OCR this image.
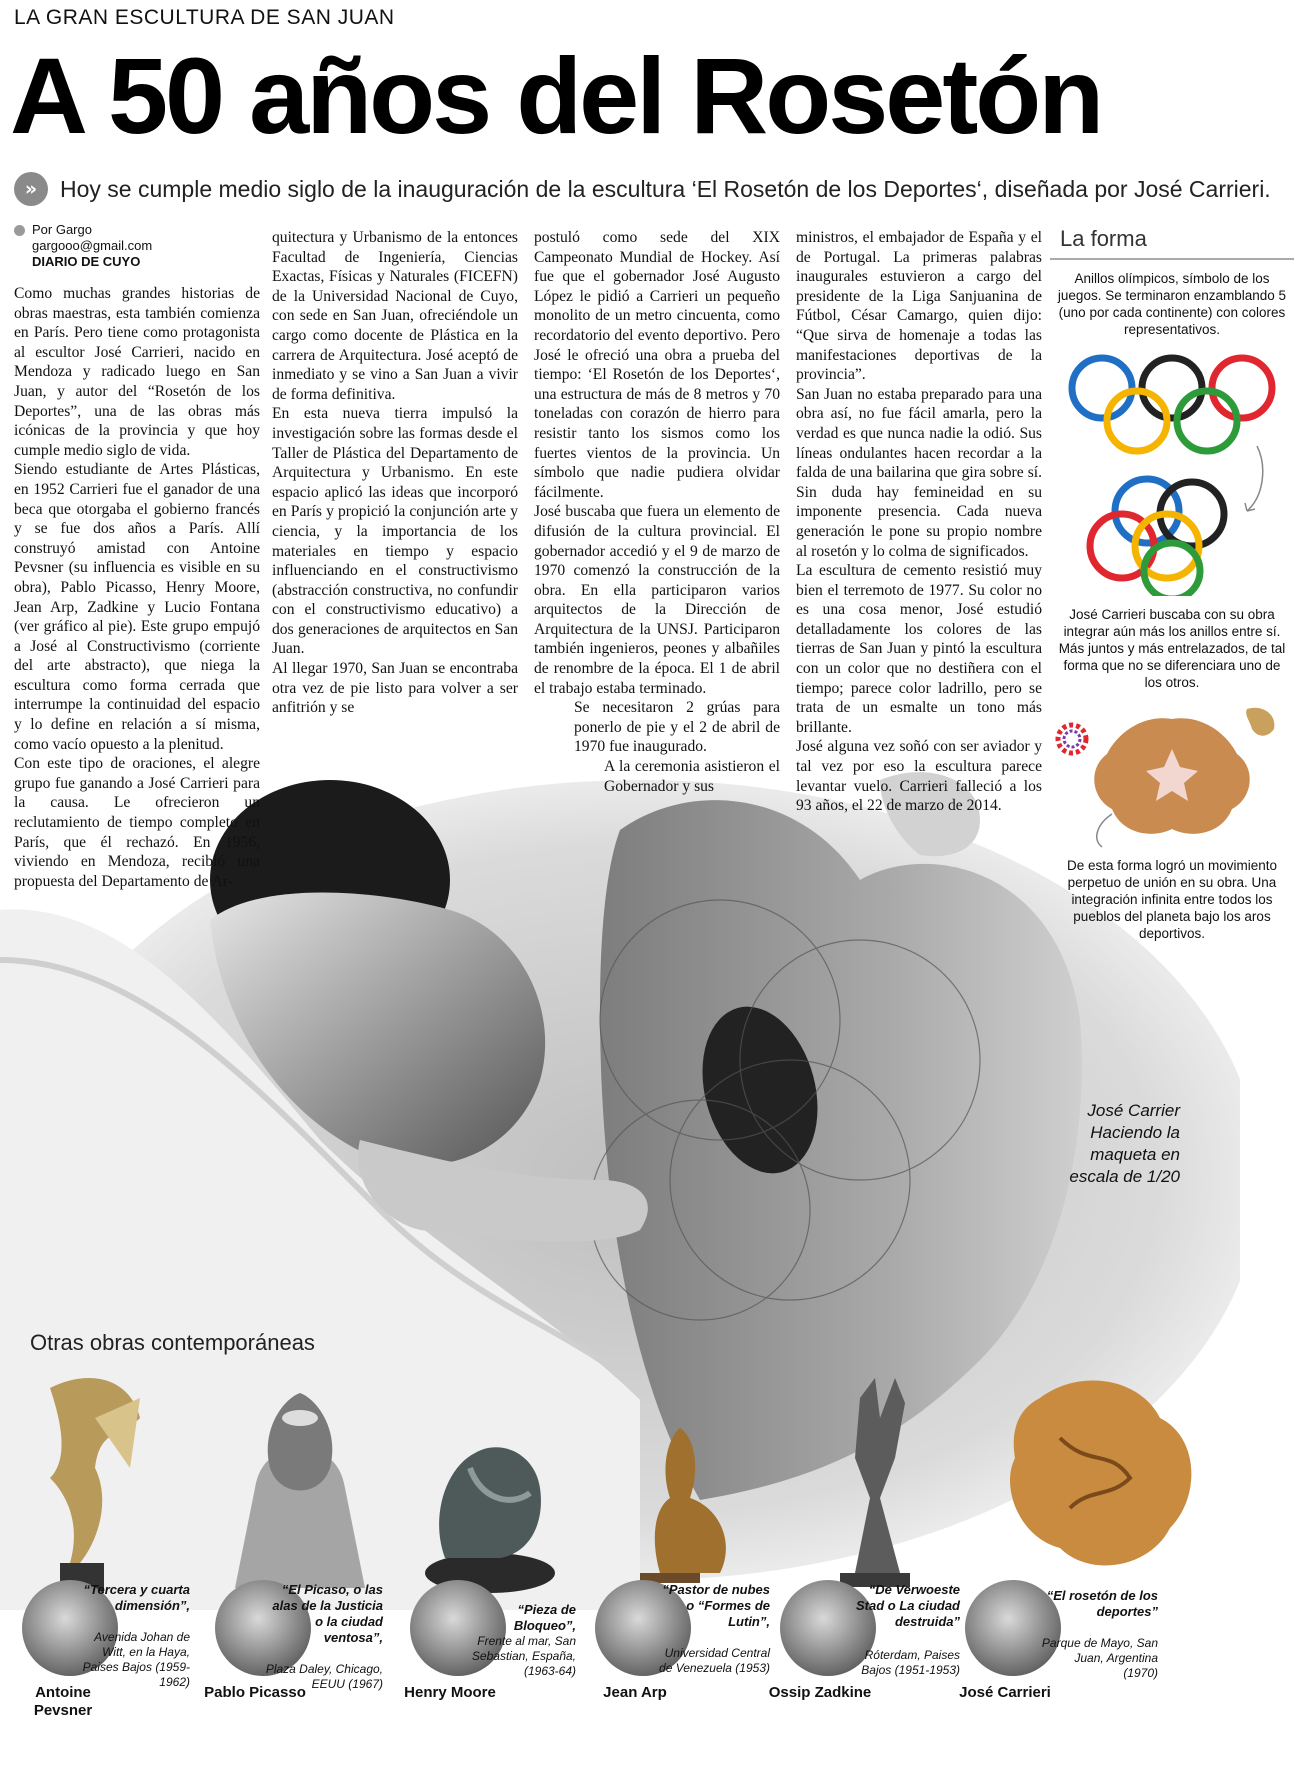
LA GRAN ESCULTURA DE SAN JUAN
A 50 años del Rosetón
» Hoy se cumple medio siglo de la inauguración de la escultura ‘El Rosetón de los Deportes‘, diseñada por José Carrieri.
Por Gargo
gargooo@gmail.com
DIARIO DE CUYO

Como muchas grandes historias de obras maestras, esta también comienza en París. Pero tiene como protagonista al escultor José Carrieri, nacido en Mendoza y radicado luego en San Juan, y autor del “Rosetón de los Deportes”, una de las obras más icónicas de la provincia y que hoy cumple medio siglo de vida.

Siendo estudiante de Artes Plásticas, en 1952 Carrieri fue el ganador de una beca que otorgaba el gobierno francés y se fue dos años a París. Allí construyó amistad con Antoine Pevsner (su influencia es visible en su obra), Pablo Picasso, Henry Moore, Jean Arp, Zadkine y Lucio Fontana (ver gráfico al pie). Este grupo empujó a José al Constructivismo (corriente del arte abstracto), que niega la escultura como forma cerrada que interrumpe la continuidad del espacio y lo define en relación a sí misma, como vacío opuesto a la plenitud.

Con este tipo de oraciones, el alegre grupo fue ganando a José Carrieri para la causa. Le ofrecieron un reclutamiento de tiempo completo en París, que él rechazó. En 1956, viviendo en Mendoza, recibió una propuesta del Departamento de Ar-

quitectura y Urbanismo de la entonces Facultad de Ingeniería, Ciencias Exactas, Físicas y Naturales (FICEFN) de la Universidad Nacional de Cuyo, con sede en San Juan, ofreciéndole un cargo como docente de Plástica en la carrera de Arquitectura. José aceptó de inmediato y se vino a San Juan a vivir de forma definitiva.

En esta nueva tierra impulsó la investigación sobre las formas desde el Taller de Plástica del Departamento de Arquitectura y Urbanismo. En este espacio aplicó las ideas que incorporó en París y propició la conjunción arte y ciencia, y la importancia de los materiales en tiempo y espacio influenciando en el constructivismo (abstracción constructiva, no confundir con el constructivismo educativo) a dos generaciones de arquitectos en San Juan.

Al llegar 1970, San Juan se encontraba otra vez de pie listo para volver a ser anfitrión y se

postuló como sede del XIX Campeonato Mundial de Hockey. Así fue que el gobernador José Augusto López le pidió a Carrieri un pequeño monolito de un metro cincuenta, como recordatorio del evento deportivo. Pero José le ofreció una obra a prueba del tiempo: ‘El Rosetón de los Deportes‘, una estructura de más de 8 metros y 70 toneladas con corazón de hierro para resistir tanto los sismos como los fuertes vientos de la provincia. Un símbolo que nadie pudiera olvidar fácilmente.

José buscaba que fuera un elemento de difusión de la cultura provincial. El gobernador accedió y el 9 de marzo de 1970 comenzó la construcción de la obra. En ella participaron varios arquitectos de la Dirección de Arquitectura de la UNSJ. Participaron también ingenieros, peones y albañiles de renombre de la época. El 1 de abril el trabajo estaba terminado.

Se necesitaron 2 grúas para ponerlo de pie y el 2 de abril de 1970 fue inaugurado.

A la ceremonia asistieron el Gobernador y sus

ministros, el embajador de España y el de Portugal. La primeras palabras inaugurales estuvieron a cargo del presidente de la Liga Sanjuanina de Fútbol, César Camargo, quien dijo: “Que sirva de homenaje a todas las manifestaciones deportivas de la provincia”.

San Juan no estaba preparado para una obra así, no fue fácil amarla, pero la verdad es que nunca nadie la odió. Sus líneas ondulantes hacen recordar a la falda de una bailarina que gira sobre sí. Sin duda hay femineidad en su imponente presencia. Cada nueva generación le pone su propio nombre al rosetón y lo colma de significados.

La escultura de cemento resistió muy bien el terremoto de 1977. Su color no es una cosa menor, José estudió detalladamente los colores de las tierras de San Juan y pintó la escultura con un color que no destiñera con el tiempo; parece color ladrillo, pero se trata de un esmalte un tono más brillante.

José alguna vez soñó con ser aviador y tal vez por eso la escultura parece levantar vuelo. Carrieri falleció a los 93 años, el 22 de marzo de 2014.

José Carrier Haciendo la maqueta en escala de 1/20
La forma
Anillos olímpicos, símbolo de los juegos. Se terminaron enzamblando 5 (uno por cada continente) con colores representativos.
José Carrieri buscaba con su obra integrar aún más los anillos entre sí. Más juntos y más entrelazados, de tal forma que no se diferenciara uno de los otros.
De esta forma logró un movimiento perpetuo de unión en su obra. Una integración infinita entre todos los pueblos del planeta bajo los aros deportivos.
Otras obras contemporáneas
Antoine Pevsner
“Tercera y cuarta dimensión”,
Avenida Johan de Witt, en la Haya, Paises Bajos (1959-1962)
Pablo Picasso
“El Picaso, o las alas de la Justicia o la ciudad ventosa”,
Plaza Daley, Chicago, EEUU (1967)	Henry Moore
“Pieza de Bloqueo”,
Frente al mar, San Sebastian, España, (1963-64)
Jean Arp
“Pastor de nubes o “Formes de Lutin”,
Universidad Central de Venezuela (1953)
Ossip Zadkine
“De Verwoeste Stad o La ciudad destruida”
Róterdam, Paises Bajos (1951-1953)
José Carrieri
“El rosetón de los deportes”
Parque de Mayo, San Juan, Argentina (1970)
